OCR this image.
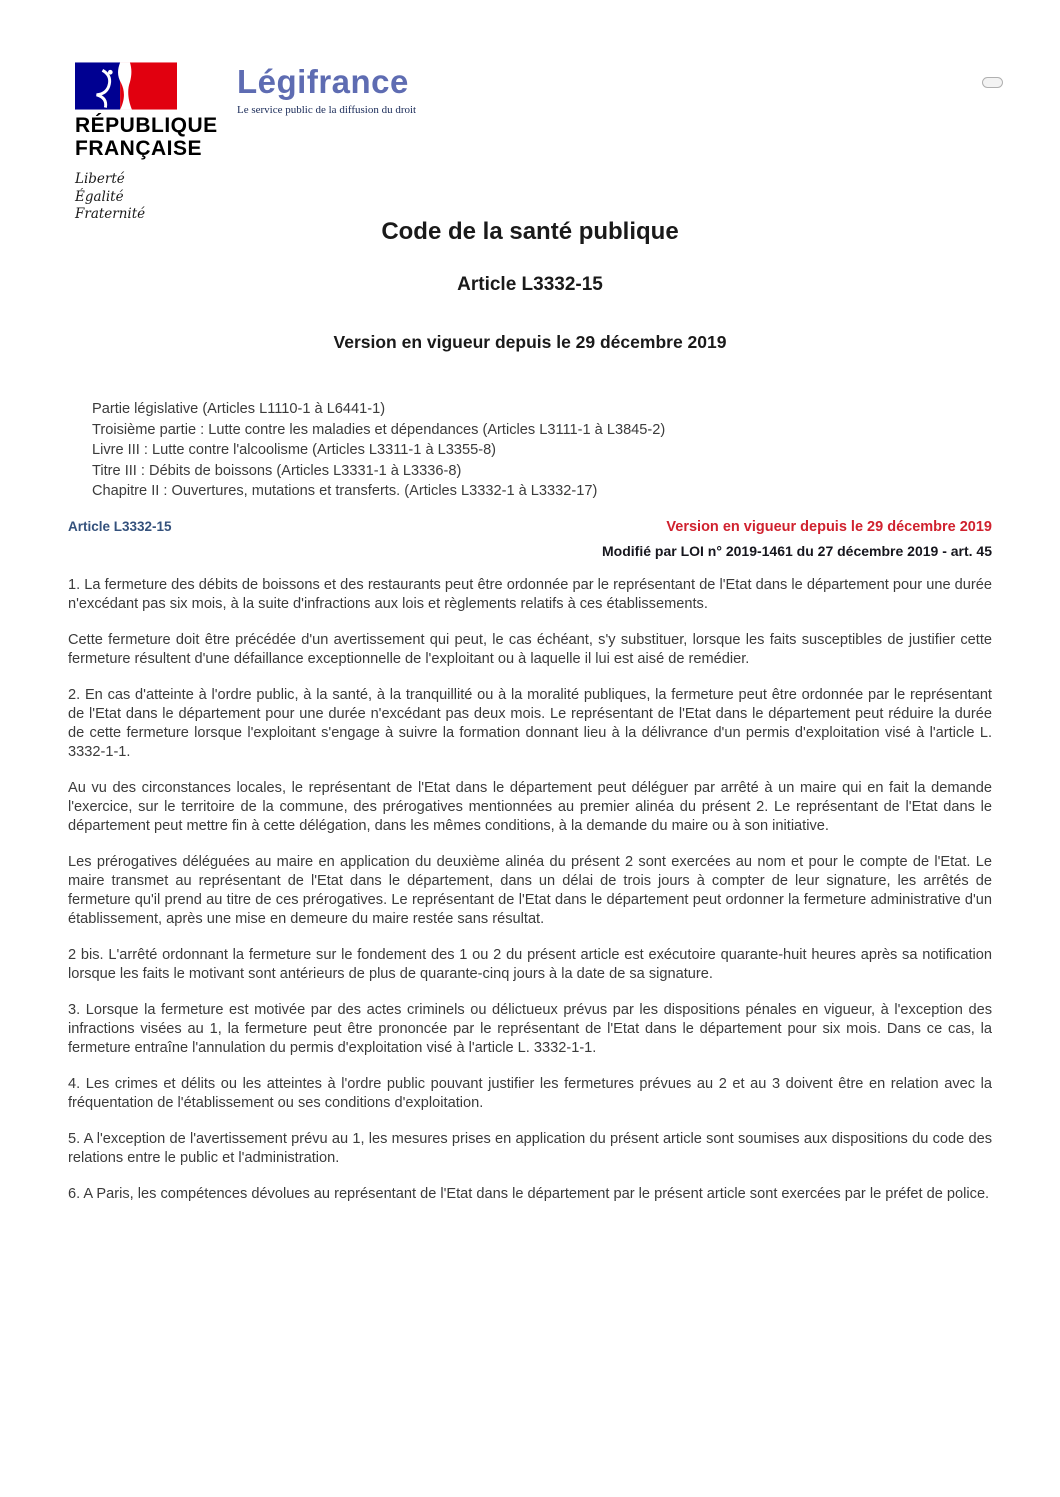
RÉPUBLIQUE
FRANÇAISE
Liberté
Égalité
Fraternité
Légifrance
Le service public de la diffusion du droit
Code de la santé publique
Article L3332-15
Version en vigueur depuis le 29 décembre 2019
Partie législative (Articles L1110-1 à L6441-1)
Troisième partie : Lutte contre les maladies et dépendances (Articles L3111-1 à L3845-2)
Livre III : Lutte contre l'alcoolisme (Articles L3311-1 à L3355-8)
Titre III : Débits de boissons (Articles L3331-1 à L3336-8)
Chapitre II : Ouvertures, mutations et transferts. (Articles L3332-1 à L3332-17)
Article L3332-15	Version en vigueur depuis le 29 décembre 2019
Modifié par LOI n° 2019-1461 du 27 décembre 2019 - art. 45

1. La fermeture des débits de boissons et des restaurants peut être ordonnée par le représentant de l'Etat dans le département pour une durée n'excédant pas six mois, à la suite d'infractions aux lois et règlements relatifs à ces établissements.

Cette fermeture doit être précédée d'un avertissement qui peut, le cas échéant, s'y substituer, lorsque les faits susceptibles de justifier cette fermeture résultent d'une défaillance exceptionnelle de l'exploitant ou à laquelle il lui est aisé de remédier.

2. En cas d'atteinte à l'ordre public, à la santé, à la tranquillité ou à la moralité publiques, la fermeture peut être ordonnée par le représentant de l'Etat dans le département pour une durée n'excédant pas deux mois. Le représentant de l'Etat dans le département peut réduire la durée de cette fermeture lorsque l'exploitant s'engage à suivre la formation donnant lieu à la délivrance d'un permis d'exploitation visé à l'article L. 3332-1-1.

Au vu des circonstances locales, le représentant de l'Etat dans le département peut déléguer par arrêté à un maire qui en fait la demande l'exercice, sur le territoire de la commune, des prérogatives mentionnées au premier alinéa du présent 2. Le représentant de l'Etat dans le département peut mettre fin à cette délégation, dans les mêmes conditions, à la demande du maire ou à son initiative.

Les prérogatives déléguées au maire en application du deuxième alinéa du présent 2 sont exercées au nom et pour le compte de l'Etat. Le maire transmet au représentant de l'Etat dans le département, dans un délai de trois jours à compter de leur signature, les arrêtés de fermeture qu'il prend au titre de ces prérogatives. Le représentant de l'Etat dans le département peut ordonner la fermeture administrative d'un établissement, après une mise en demeure du maire restée sans résultat.

2 bis. L'arrêté ordonnant la fermeture sur le fondement des 1 ou 2 du présent article est exécutoire quarante-huit heures après sa notification lorsque les faits le motivant sont antérieurs de plus de quarante-cinq jours à la date de sa signature.

3. Lorsque la fermeture est motivée par des actes criminels ou délictueux prévus par les dispositions pénales en vigueur, à l'exception des infractions visées au 1, la fermeture peut être prononcée par le représentant de l'Etat dans le département pour six mois. Dans ce cas, la fermeture entraîne l'annulation du permis d'exploitation visé à l'article L. 3332-1-1.

4. Les crimes et délits ou les atteintes à l'ordre public pouvant justifier les fermetures prévues au 2 et au 3 doivent être en relation avec la fréquentation de l'établissement ou ses conditions d'exploitation.

5. A l'exception de l'avertissement prévu au 1, les mesures prises en application du présent article sont soumises aux dispositions du code des relations entre le public et l'administration.

6. A Paris, les compétences dévolues au représentant de l'Etat dans le département par le présent article sont exercées par le préfet de police.
